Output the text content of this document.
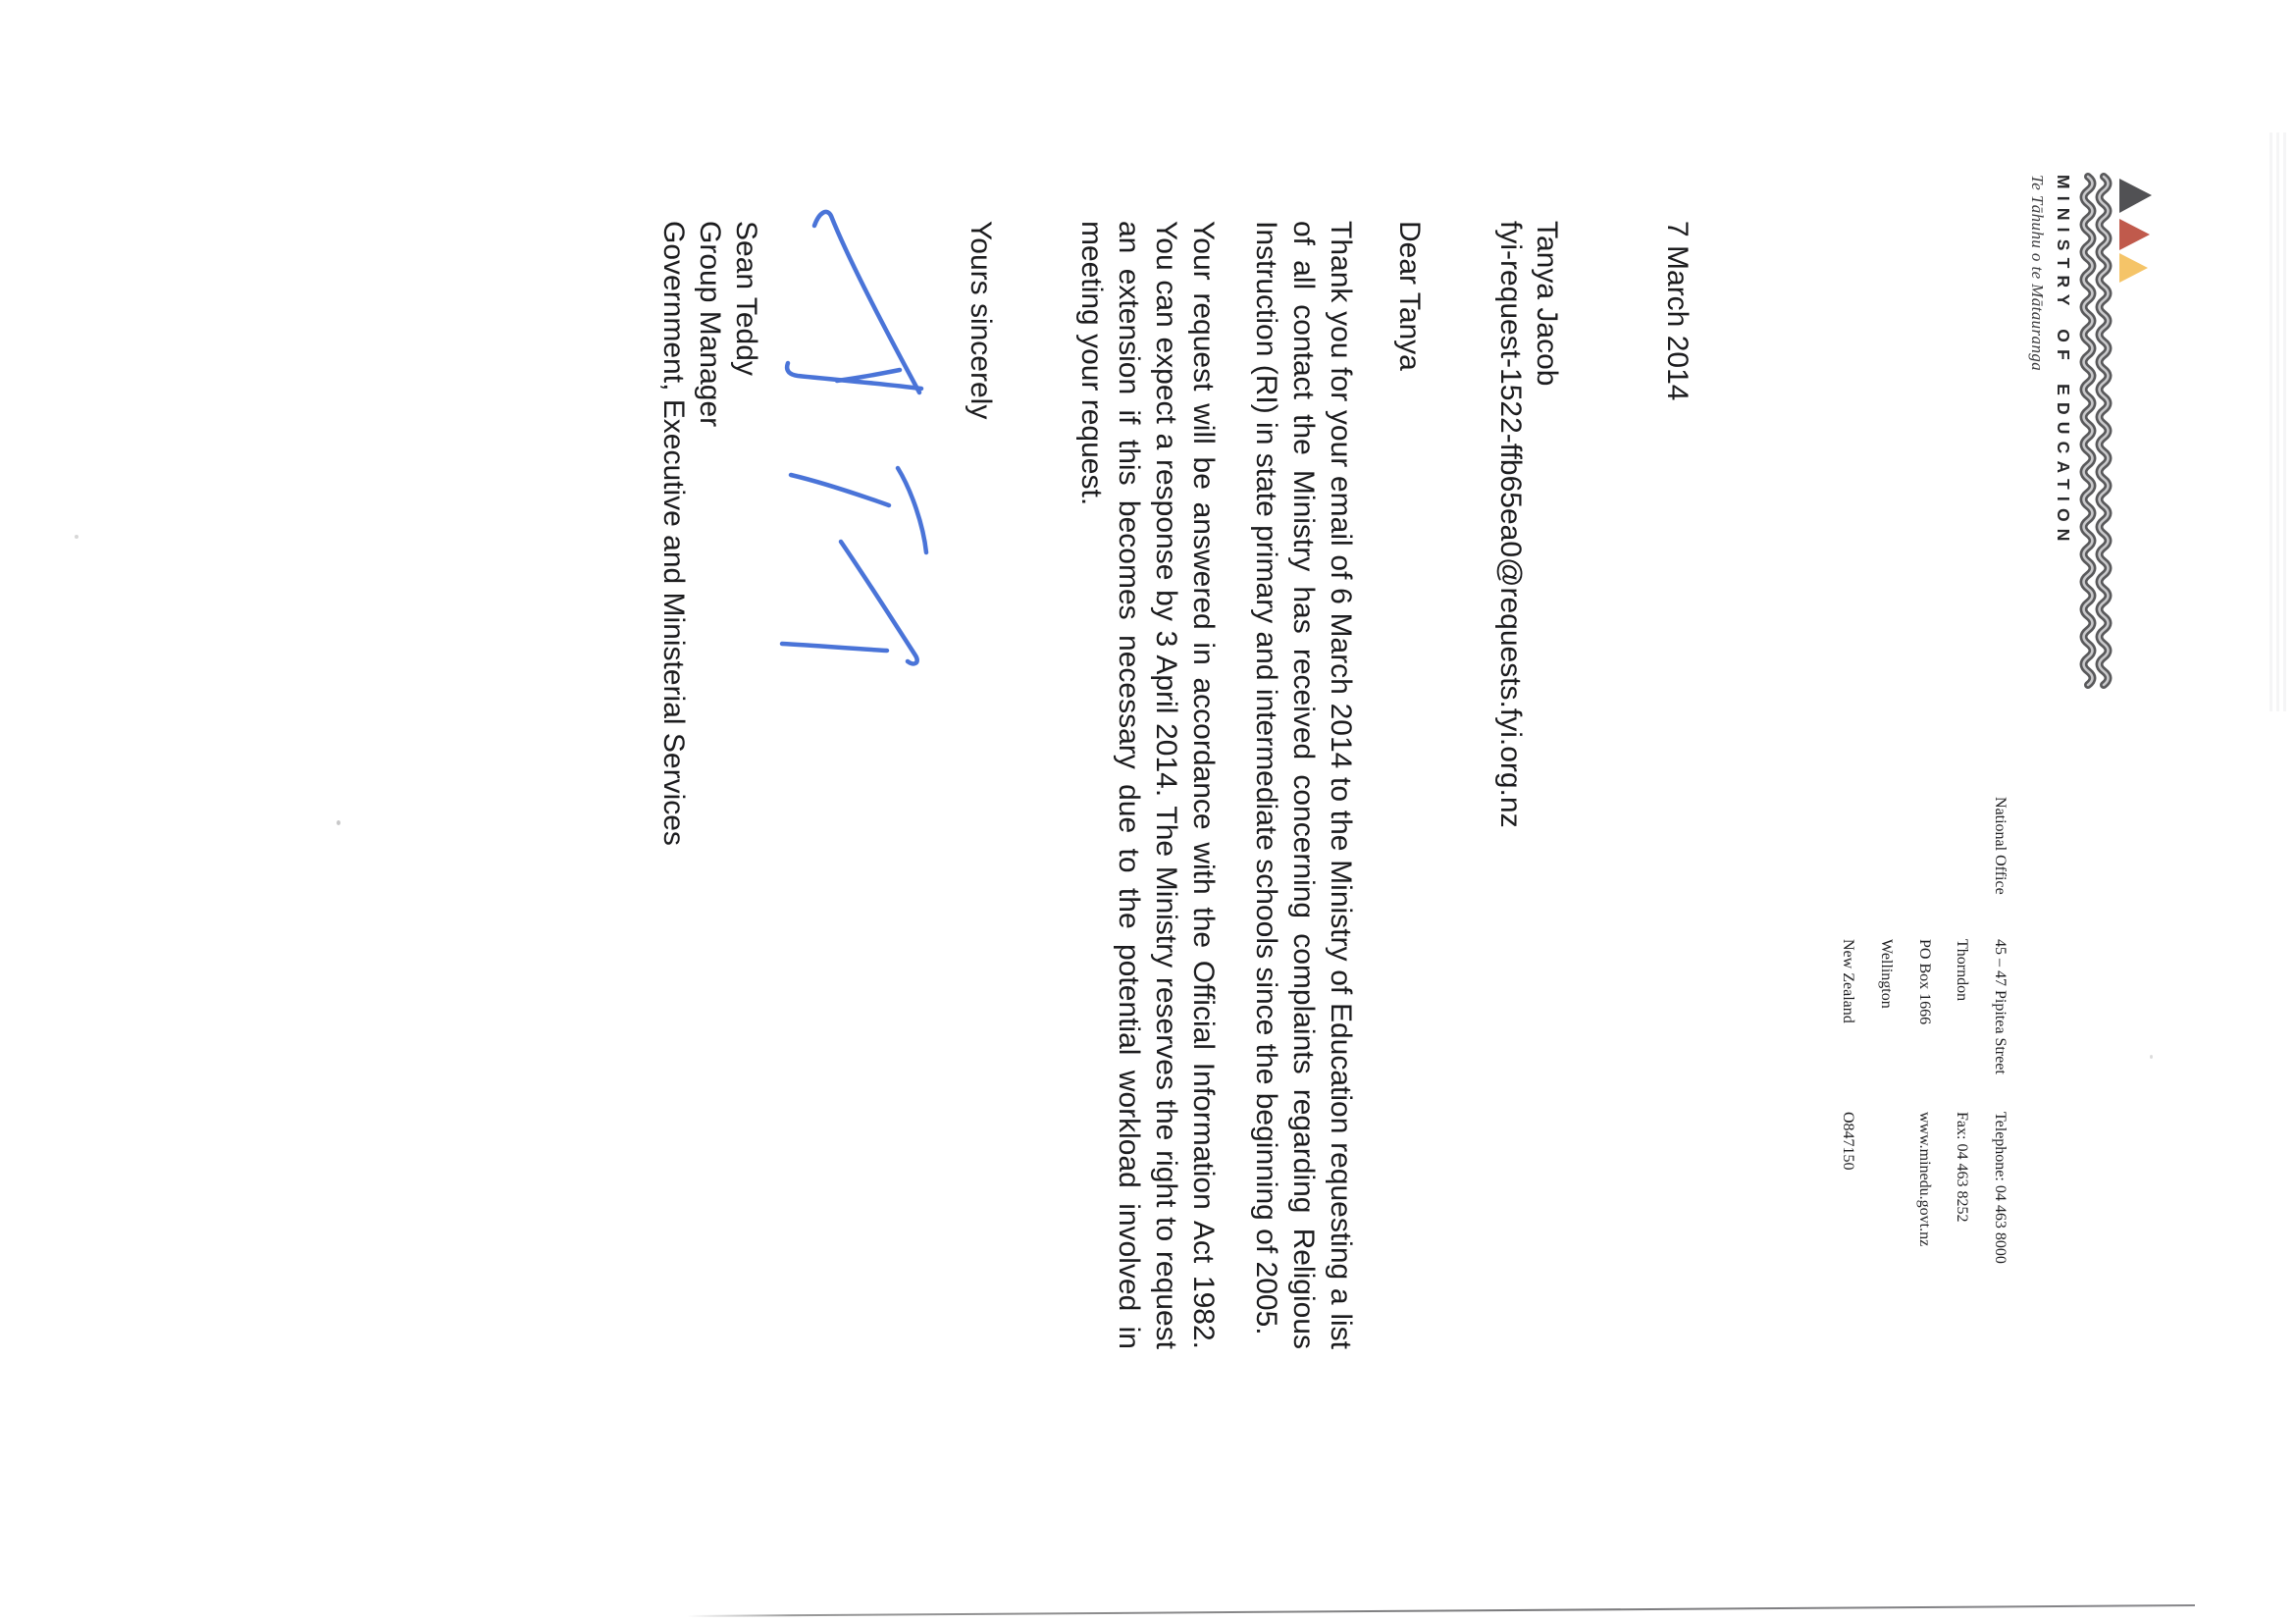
MINISTRY OF EDUCATION
Te Tāhuhu o te Mātauranga
National Office
45 – 47 Pipitea Street
Thorndon
PO Box 1666
Wellington
New Zealand
Telephone: 04 463 8000
Fax: 04 463 8252
www.minedu.govt.nz
O847150
7 March 2014
Tanya Jacob
fyi-request-1522-ffb65ea0@requests.fyi.org.nz
Dear Tanya
Thank you for your email of 6 March 2014 to the Ministry of Education requesting a list
of all contact the Ministry has received concerning complaints regarding Religious
Instruction (RI) in state primary and intermediate schools since the beginning of 2005.
Your request will be answered in accordance with the Official Information Act 1982.
You can expect a response by 3 April 2014. The Ministry reserves the right to request
an extension if this becomes necessary due to the potential workload involved in
meeting your request.
Yours sincerely
Sean Teddy
Group Manager
Government, Executive and Ministerial Services
